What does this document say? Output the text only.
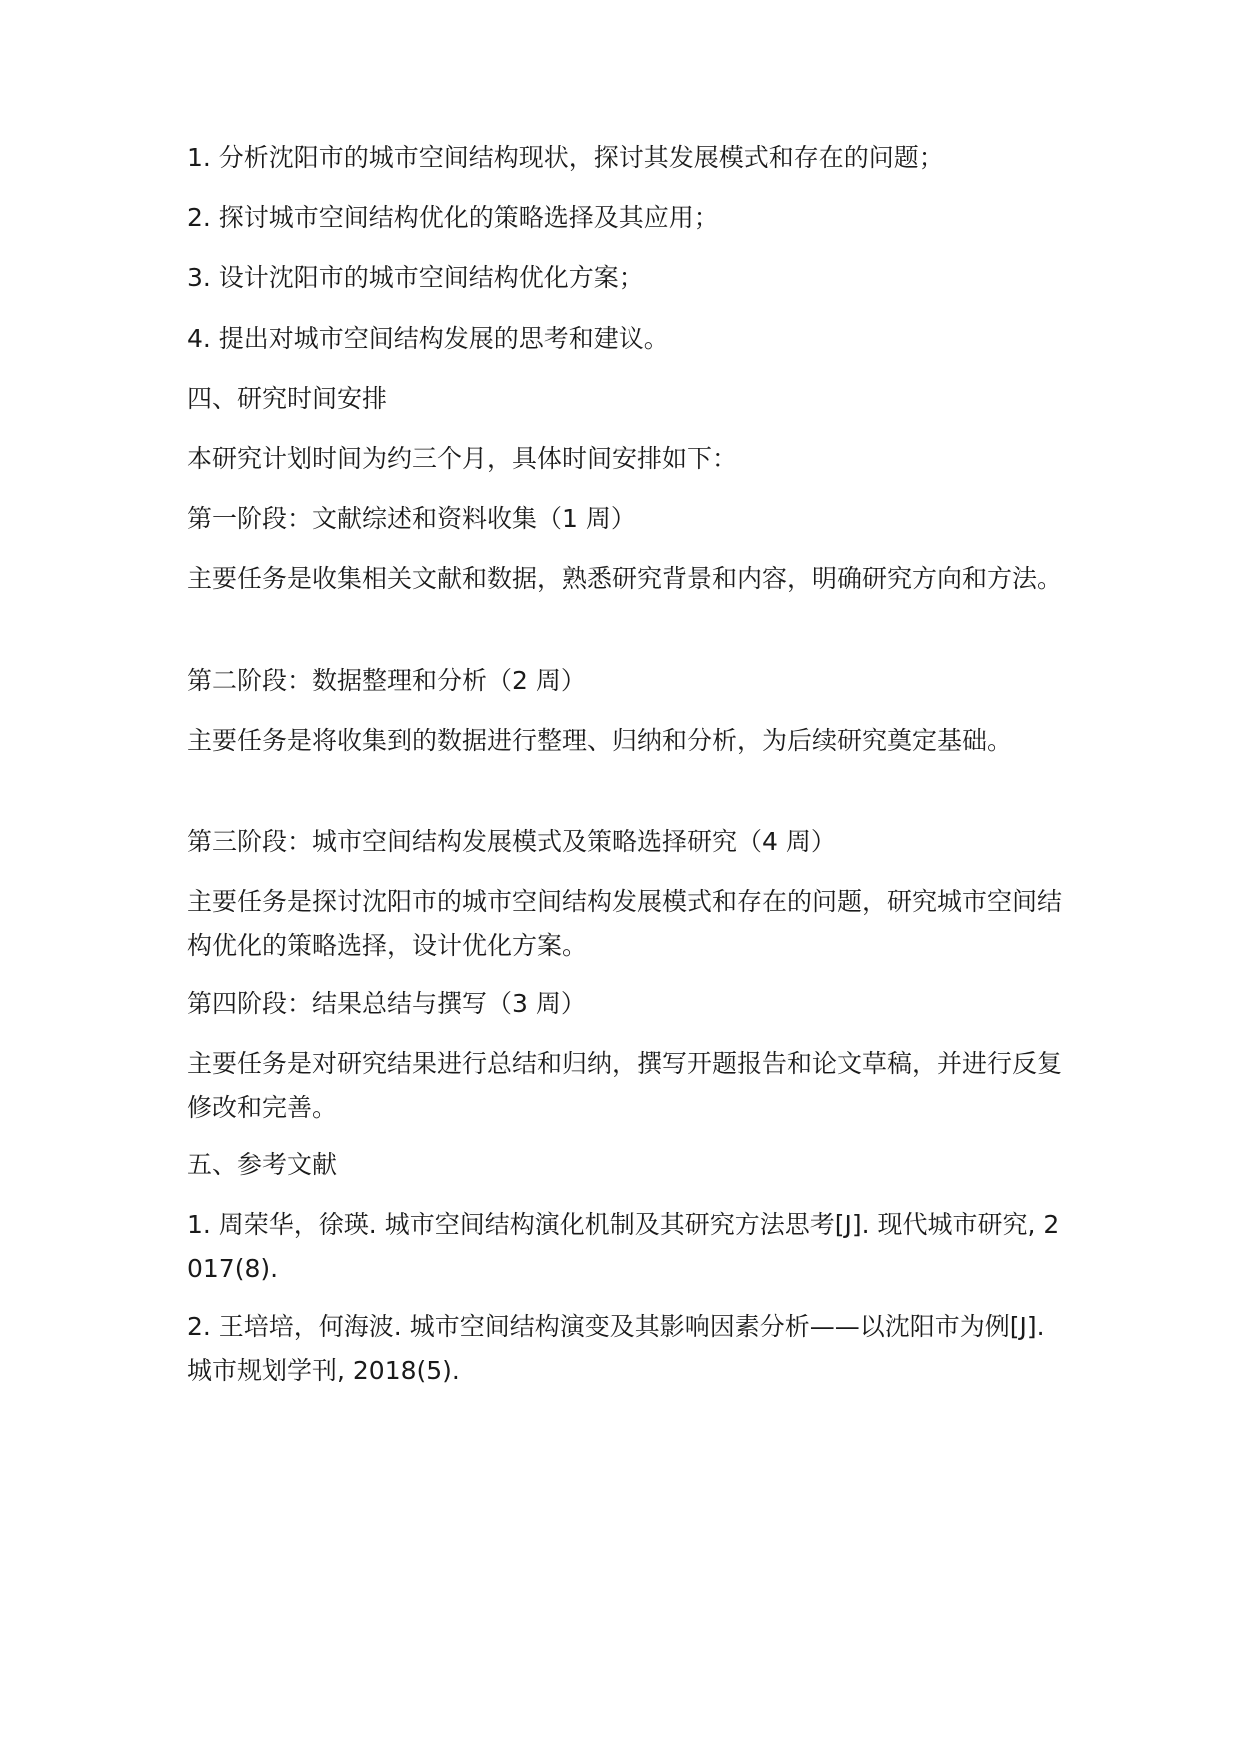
1. 分析沈阳市的城市空间结构现状，探讨其发展模式和存在的问题；

2. 探讨城市空间结构优化的策略选择及其应用；

3. 设计沈阳市的城市空间结构优化方案；

4. 提出对城市空间结构发展的思考和建议。

四、研究时间安排

本研究计划时间为约三个月，具体时间安排如下：

第一阶段：文献综述和资料收集（1 周）

主要任务是收集相关文献和数据，熟悉研究背景和内容，明确研究方向和方法。

第二阶段：数据整理和分析（2 周）

主要任务是将收集到的数据进行整理、归纳和分析，为后续研究奠定基础。

第三阶段：城市空间结构发展模式及策略选择研究（4 周）

主要任务是探讨沈阳市的城市空间结构发展模式和存在的问题，研究城市空间结构优化的策略选择，设计优化方案。

第四阶段：结果总结与撰写（3 周）

主要任务是对研究结果进行总结和归纳，撰写开题报告和论文草稿，并进行反复修改和完善。

五、参考文献

1. 周荣华，徐瑛. 城市空间结构演化机制及其研究方法思考[J]. 现代城市研究, 2017(8).

2. 王培培，何海波. 城市空间结构演变及其影响因素分析——以沈阳市为例[J]. 城市规划学刊, 2018(5).
